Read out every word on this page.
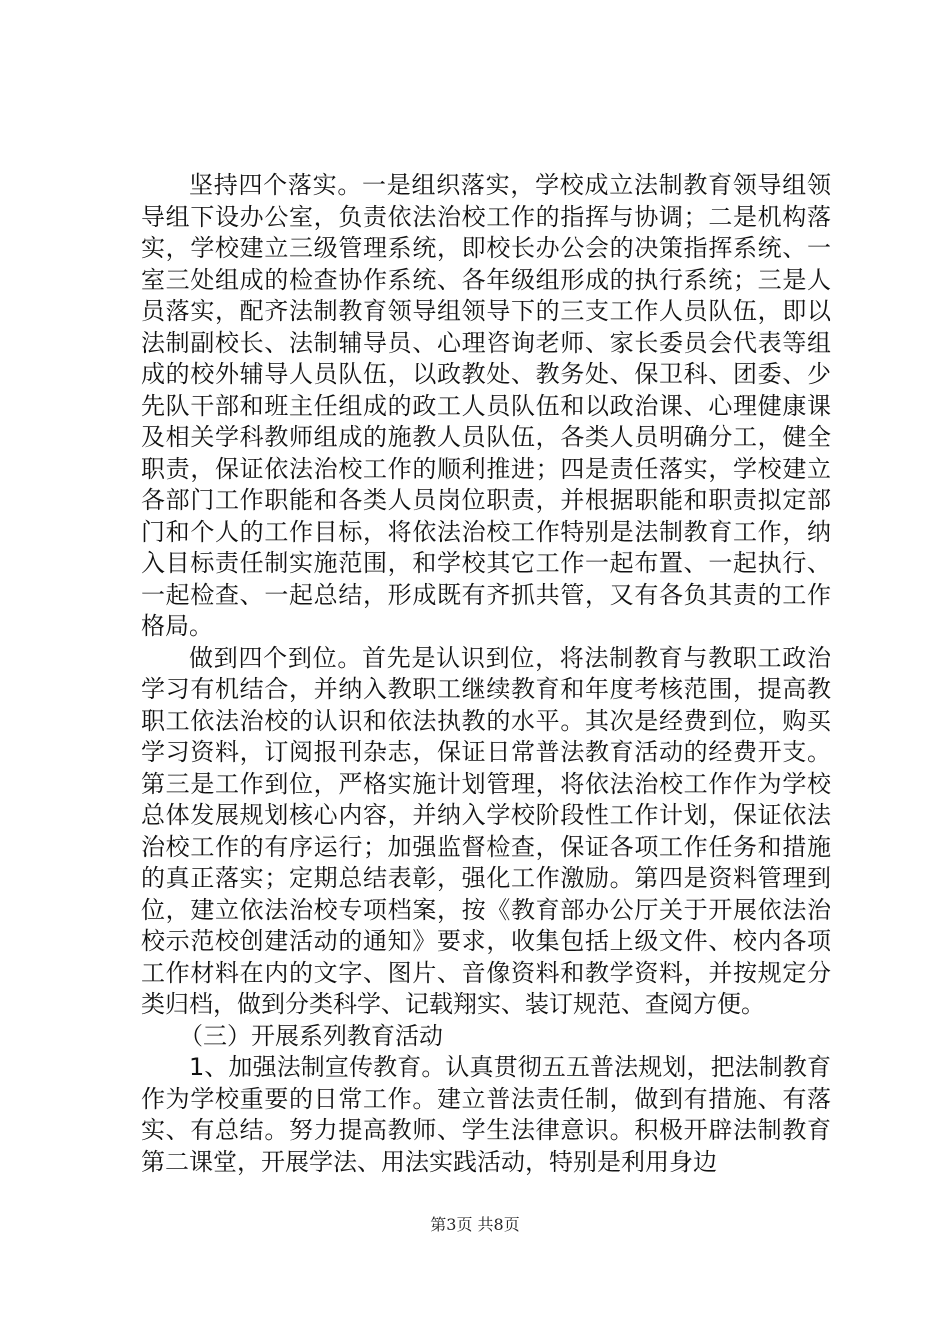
坚持四个落实。一是组织落实，学校成立法制教育领导组领导组下设办公室，负责依法治校工作的指挥与协调；二是机构落实，学校建立三级管理系统，即校长办公会的决策指挥系统、一室三处组成的检查协作系统、各年级组形成的执行系统；三是人员落实，配齐法制教育领导组领导下的三支工作人员队伍，即以法制副校长、法制辅导员、心理咨询老师、家长委员会代表等组成的校外辅导人员队伍，以政教处、教务处、保卫科、团委、少先队干部和班主任组成的政工人员队伍和以政治课、心理健康课及相关学科教师组成的施教人员队伍，各类人员明确分工，健全职责，保证依法治校工作的顺利推进；四是责任落实，学校建立各部门工作职能和各类人员岗位职责，并根据职能和职责拟定部门和个人的工作目标，将依法治校工作特别是法制教育工作，纳入目标责任制实施范围，和学校其它工作一起布置、一起执行、一起检查、一起总结，形成既有齐抓共管，又有各负其责的工作格局。

做到四个到位。首先是认识到位，将法制教育与教职工政治学习有机结合，并纳入教职工继续教育和年度考核范围，提高教职工依法治校的认识和依法执教的水平。其次是经费到位，购买学习资料，订阅报刊杂志，保证日常普法教育活动的经费开支。第三是工作到位，严格实施计划管理，将依法治校工作作为学校总体发展规划核心内容，并纳入学校阶段性工作计划，保证依法治校工作的有序运行；加强监督检查，保证各项工作任务和措施的真正落实；定期总结表彰，强化工作激励。第四是资料管理到位，建立依法治校专项档案，按《教育部办公厅关于开展依法治校示范校创建活动的通知》要求，收集包括上级文件、校内各项工作材料在内的文字、图片、音像资料和教学资料，并按规定分类归档，做到分类科学、记载翔实、装订规范、查阅方便。

（三）开展系列教育活动

1、加强法制宣传教育。认真贯彻五五普法规划，把法制教育作为学校重要的日常工作。建立普法责任制，做到有措施、有落实、有总结。努力提高教师、学生法律意识。积极开辟法制教育第二课堂，开展学法、用法实践活动，特别是利用身边

第3页 共8页
